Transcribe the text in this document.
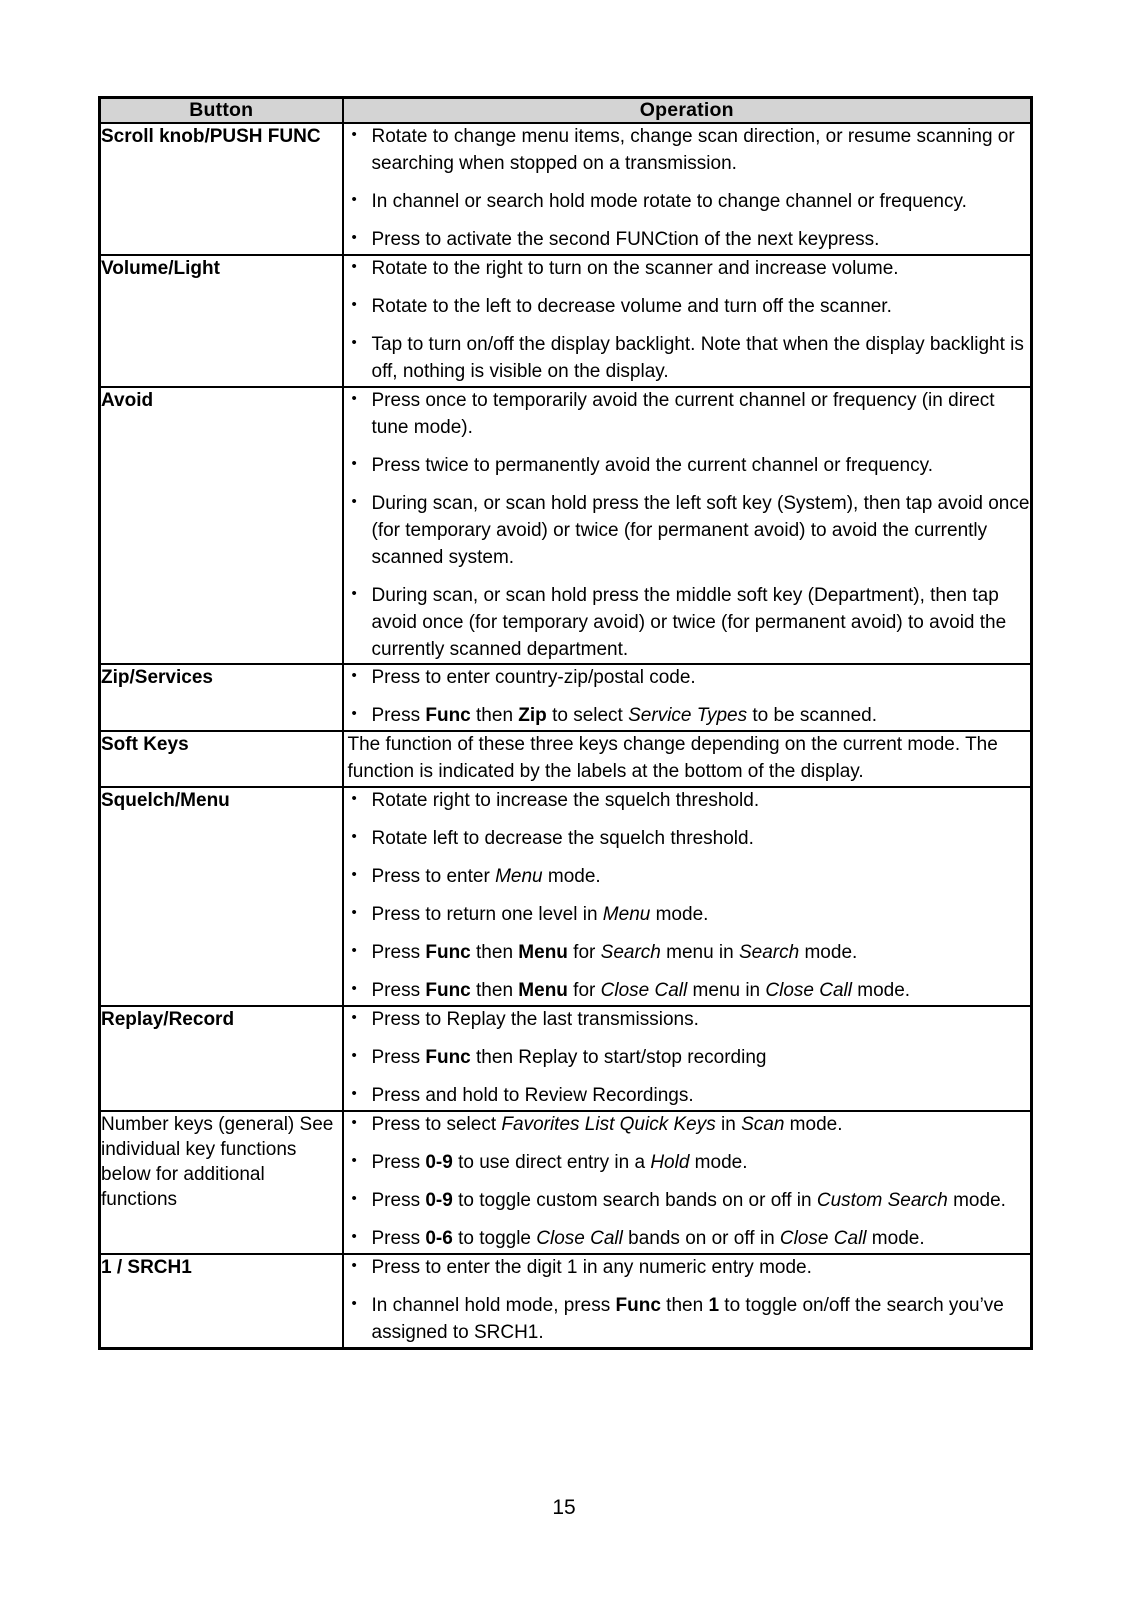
Button	Operation
Scroll knob/PUSH FUNC	
•Rotate to change menu items, change scan direction, or resume scanning or searching when stopped on a transmission.
• In channel or search hold mode rotate to change channel or frequency.
• Press to activate the second FUNCtion of the next keypress.

Volume/Light	
•Rotate to the right to turn on the scanner and increase volume.
• Rotate to the left to decrease volume and turn off the scanner.
• Tap to turn on/off the display backlight. Note that when the display backlight is off, nothing is visible on the display.

Avoid	
•Press once to temporarily avoid the current channel or frequency (in direct tune mode).
• Press twice to permanently avoid the current channel or frequency.
• During scan, or scan hold press the left soft key (System), then tap avoid once (for temporary avoid) or twice (for permanent avoid) to avoid the currently scanned system.
• During scan, or scan hold press the middle soft key (Department), then tap avoid once (for temporary avoid) or twice (for permanent avoid) to avoid the currently scanned department.

Zip/Services	
•Press to enter country-zip/postal code.
• Press Func then Zip to select Service Types to be scanned.

Soft Keys	The function of these three keys change depending on the current mode. The function is indicated by the labels at the bottom of the display.

Squelch/Menu	
•Rotate right to increase the squelch threshold.
• Rotate left to decrease the squelch threshold.
• Press to enter Menu mode.
• Press to return one level in Menu mode.
• Press Func then Menu for Search menu in Search mode.
• Press Func then Menu for Close Call menu in Close Call mode.

Replay/Record	
•Press to Replay the last transmissions.
• Press Func then Replay to start/stop recording
• Press and hold to Review Recordings.

Number keys (general) See individual key functions below for additional functions	
• Press to select Favorites List Quick Keys in Scan mode.
• Press 0-9 to use direct entry in a Hold mode.
• Press 0-9 to toggle custom search bands on or off in Custom Search mode.
• Press 0-6 to toggle Close Call bands on or off in Close Call mode.

1 / SRCH1	
•Press to enter the digit 1 in any numeric entry mode.
• In channel hold mode, press Func then 1 to toggle on/off the search you’ve assigned to SRCH1.
15
